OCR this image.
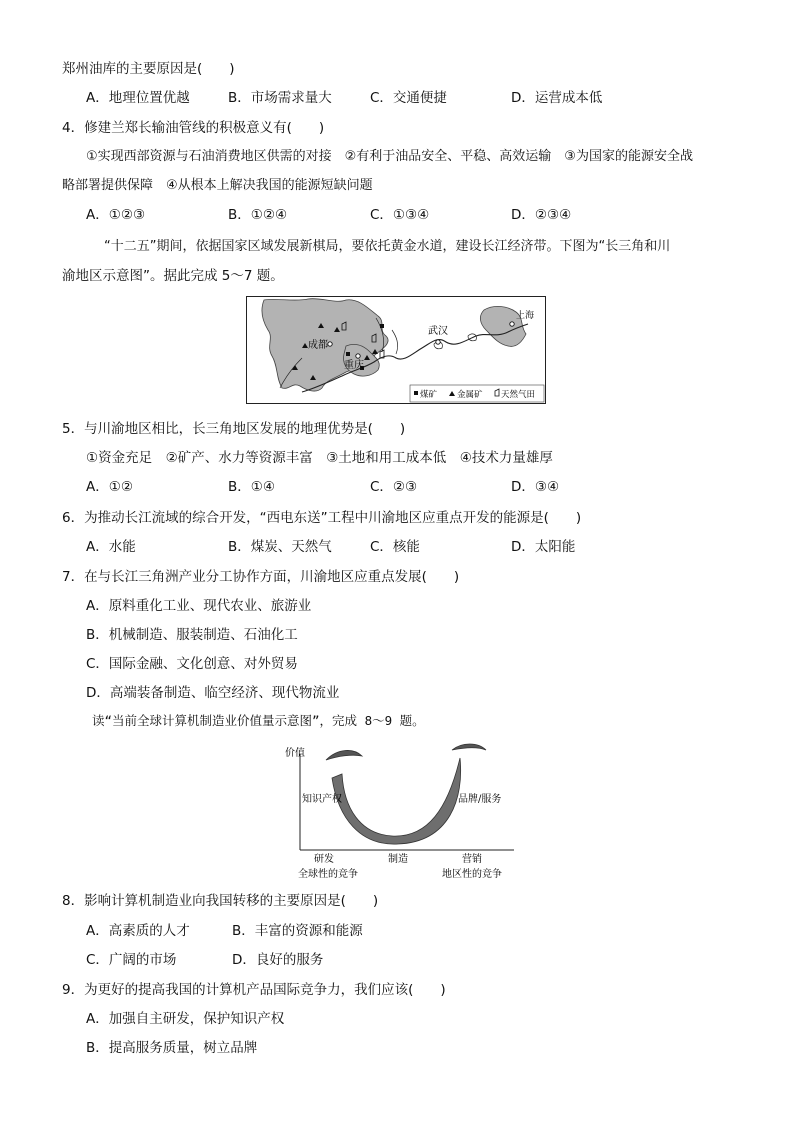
郑州油库的主要原因是(　　)
A．地理位置优越	B．市场需求量大	C．交通便捷	D．运营成本低
4．修建兰郑长输油管线的积极意义有(　　)
①实现西部资源与石油消费地区供需的对接　②有利于油品安全、平稳、高效运输　③为国家的能源安全战
略部署提供保障　④从根本上解决我国的能源短缺问题
A．①②③	B．①②④	C．①③④	D．②③④
“十二五”期间，依据国家区域发展新棋局，要依托黄金水道，建设长江经济带。下图为“长三角和川
渝地区示意图”。据此完成 5～7 题。
成都
重庆
武汉
上海
煤矿 金属矿 天然气田
5．与川渝地区相比，长三角地区发展的地理优势是(　　)
①资金充足　②矿产、水力等资源丰富　③土地和用工成本低　④技术力量雄厚
A．①②	B．①④	C．②③	D．③④
6．为推动长江流域的综合开发，“西电东送”工程中川渝地区应重点开发的能源是(　　)
A．水能	B．煤炭、天然气	C．核能	D．太阳能
7．在与长江三角洲产业分工协作方面，川渝地区应重点发展(　　)
A．原料重化工业、现代农业、旅游业
B．机械制造、服装制造、石油化工
C．国际金融、文化创意、对外贸易
D．高端装备制造、临空经济、现代物流业
读“当前全球计算机制造业价值量示意图”，完成 8～9 题。
价值
知识产权	品牌/服务
研发	制造	营销
全球性的竞争	地区性的竞争
8．影响计算机制造业向我国转移的主要原因是(　　)
A．高素质的人才	B．丰富的资源和能源
C．广阔的市场	D．良好的服务
9．为更好的提高我国的计算机产品国际竞争力，我们应该(　　)
A．加强自主研发，保护知识产权
B．提高服务质量，树立品牌
